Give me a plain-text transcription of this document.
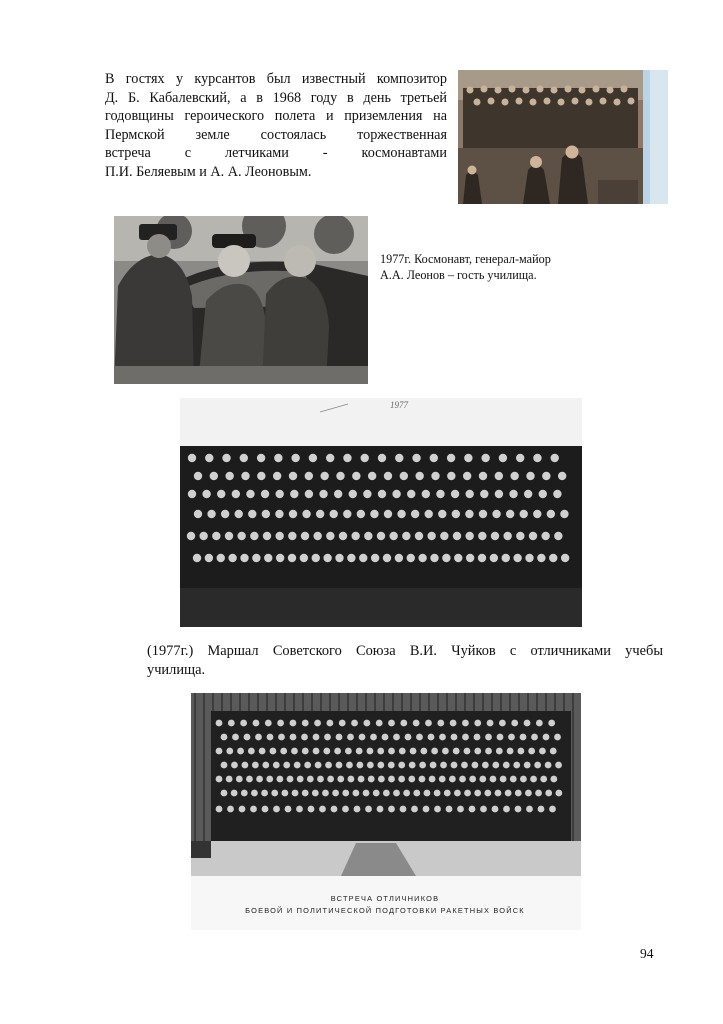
В гостях у курсантов был известный композитор
Д. Б. Кабалевский, а в 1968 году в день третьей
годовщины героического полета и приземления на
Пермской земле состоялась торжественная
встреча с летчиками - космонавтами
П.И. Беляевым и А. А. Леоновым.
1977г. Космонавт, генерал-майор
А.А. Леонов – гость училища.
1977
(1977г.) Маршал Советского Союза В.И. Чуйков с отличниками учебы
училища.
ВСТРЕЧА ОТЛИЧНИКОВ
БОЕВОЙ И ПОЛИТИЧЕСКОЙ ПОДГОТОВКИ РАКЕТНЫХ ВОЙСК
94
